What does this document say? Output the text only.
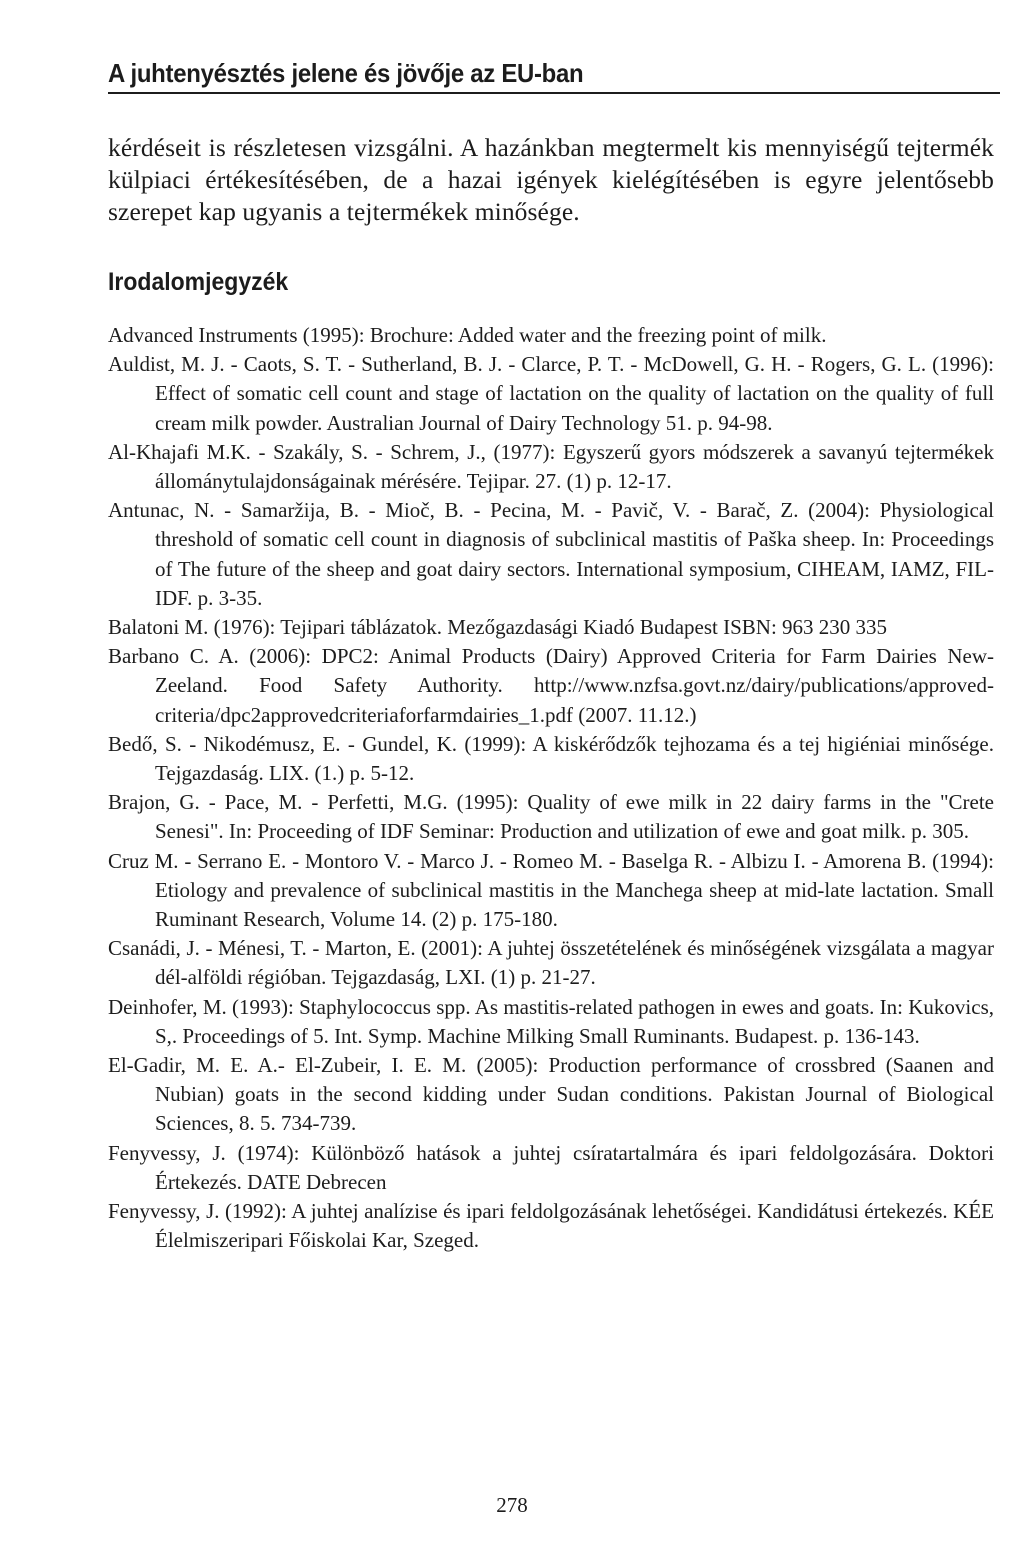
A juhtenyésztés jelene és jövője az EU-ban

kérdéseit is részletesen vizsgálni. A hazánkban megtermelt kis mennyiségű tejtermék külpiaci értékesítésében, de a hazai igények kielégítésében is egyre jelentősebb szerepet kap ugyanis a tejtermékek minősége.

Irodalomjegyzék

Advanced Instruments (1995): Brochure: Added water and the freezing point of milk.

Auldist, M. J. - Caots, S. T. - Sutherland, B. J. - Clarce, P. T. - McDowell, G. H. - Rogers, G. L. (1996): Effect of somatic cell count and stage of lactation on the quality of lactation on the quality of full cream milk powder. Australian Journal of Dairy Technology 51. p. 94-98.

Al-Khajafi M.K. - Szakály, S. - Schrem, J., (1977): Egyszerű gyors módszerek a savanyú tejtermékek állománytulajdonságainak mérésére. Tejipar. 27. (1) p. 12-17.

Antunac, N. - Samaržija, B. - Mioč, B. - Pecina, M. - Pavič, V. - Barač, Z. (2004): Physiological threshold of somatic cell count in diagnosis of subclinical mastitis of Paška sheep. In: Proceedings of The future of the sheep and goat dairy sectors. International symposium, CIHEAM, IAMZ, FIL-IDF. p. 3-35.

Balatoni M. (1976): Tejipari táblázatok. Mezőgazdasági Kiadó Budapest ISBN: 963 230 335

Barbano C. A. (2006): DPC2: Animal Products (Dairy) Approved Criteria for Farm Dairies New-Zeeland. Food Safety Authority. http://www.nzfsa.govt.nz/dairy/publications/approved-criteria/dpc2approvedcriteriaforfarmdairies_1.pdf (2007. 11.12.)

Bedő, S. - Nikodémusz, E. - Gundel, K. (1999): A kiskérődzők tejhozama és a tej higiéniai minősége. Tejgazdaság. LIX. (1.) p. 5-12.

Brajon, G. - Pace, M. - Perfetti, M.G. (1995): Quality of ewe milk in 22 dairy farms in the "Crete Senesi". In: Proceeding of IDF Seminar: Production and utilization of ewe and goat milk. p. 305.

Cruz M. - Serrano E. - Montoro V. - Marco J. - Romeo M. - Baselga R. - Albizu I. - Amorena B. (1994): Etiology and prevalence of subclinical mastitis in the Manchega sheep at mid-late lactation. Small Ruminant Research, Volume 14. (2) p. 175-180.

Csanádi, J. - Ménesi, T. - Marton, E. (2001): A juhtej összetételének és minőségének vizsgálata a magyar dél-alföldi régióban. Tejgazdaság, LXI. (1) p. 21-27.

Deinhofer, M. (1993): Staphylococcus spp. As mastitis-related pathogen in ewes and goats. In: Kukovics, S,. Proceedings of 5. Int. Symp. Machine Milking Small Ruminants. Budapest. p. 136-143.

El-Gadir, M. E. A.- El-Zubeir, I. E. M. (2005): Production performance of crossbred (Saanen and Nubian) goats in the second kidding under Sudan conditions. Pakistan Journal of Biological Sciences, 8. 5. 734-739.

Fenyvessy, J. (1974): Különböző hatások a juhtej csíratartalmára és ipari feldolgozására. Doktori Értekezés. DATE Debrecen

Fenyvessy, J. (1992): A juhtej analízise és ipari feldolgozásának lehetőségei. Kandidátusi értekezés. KÉE Élelmiszeripari Főiskolai Kar, Szeged.

278
